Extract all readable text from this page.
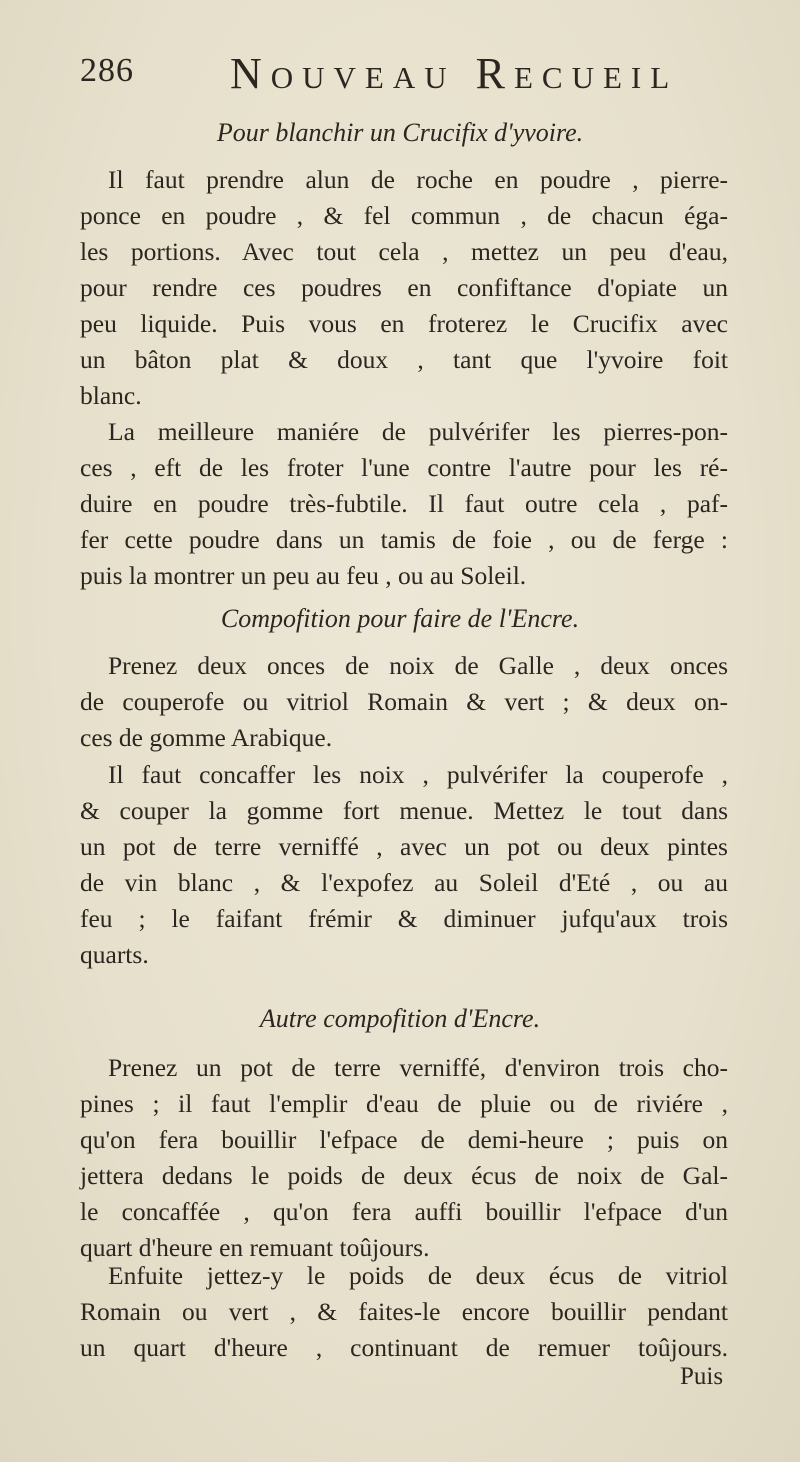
286 Nouveau Recueil
Pour blanchir un Crucifix d'yvoire.
Il faut prendre alun de roche en poudre , pierre-
ponce en poudre , & fel commun , de chacun éga-
les portions. Avec tout cela , mettez un peu d'eau,
pour rendre ces poudres en confiftance d'opiate un
peu liquide. Puis vous en froterez le Crucifix avec
un bâton plat & doux , tant que l'yvoire foit
blanc.
La meilleure maniére de pulvérifer les pierres-pon-
ces , eft de les froter l'une contre l'autre pour les ré-
duire en poudre très-fubtile. Il faut outre cela , paf-
fer cette poudre dans un tamis de foie , ou de ferge :
puis la montrer un peu au feu , ou au Soleil.
Compofition pour faire de l'Encre.
Prenez deux onces de noix de Galle , deux onces
de couperofe ou vitriol Romain & vert ; & deux on-
ces de gomme Arabique.
Il faut concaffer les noix , pulvérifer la couperofe ,
& couper la gomme fort menue. Mettez le tout dans
un pot de terre verniffé , avec un pot ou deux pintes
de vin blanc , & l'expofez au Soleil d'Eté , ou au
feu ; le faifant frémir & diminuer jufqu'aux trois
quarts.
Autre compofition d'Encre.
Prenez un pot de terre verniffé, d'environ trois cho-
pines ; il faut l'emplir d'eau de pluie ou de riviére ,
qu'on fera bouillir l'efpace de demi-heure ; puis on
jettera dedans le poids de deux écus de noix de Gal-
le concaffée , qu'on fera auffi bouillir l'efpace d'un
quart d'heure en remuant toûjours.
Enfuite jettez-y le poids de deux écus de vitriol
Romain ou vert , & faites-le encore bouillir pendant
un quart d'heure , continuant de remuer toûjours.
Puis
